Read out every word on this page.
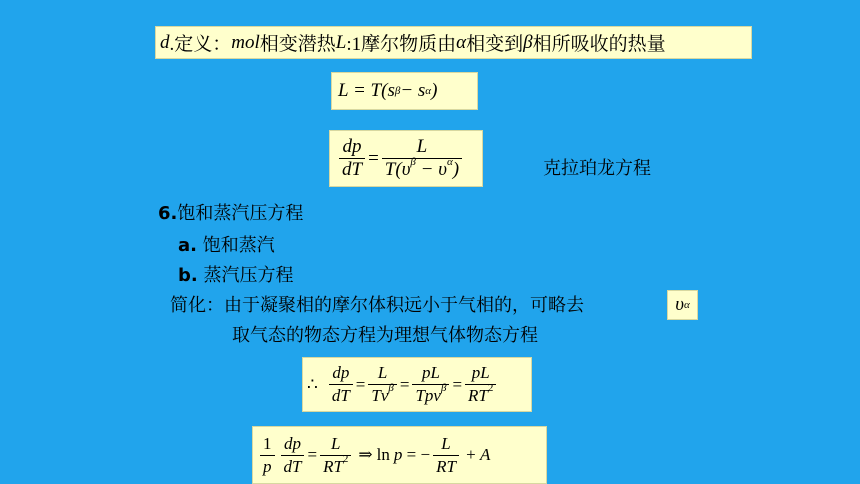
d .定义： mol 相变潜热 L :1摩尔物质由 α 相变到 β 相所吸收的热量
L = T(s β − s α )
$\frac{dp}{dT} = \frac{L}{T(\upsilon^\beta - \upsilon^\alpha)}$	克拉珀龙方程
6.饱和蒸汽压方程
a. 饱和蒸汽
b. 蒸汽压方程
简化：由于凝聚相的摩尔体积远小于气相的，可略去	υ α
取气态的物态方程为理想气体物态方程
∴ $\frac{dp}{dT} = \frac{L}{Tv^\beta} = \frac{pL}{Tpv^\beta} = \frac{pL}{RT^2}$
$\frac{1}{p} \frac{dp}{dT} = \frac{L}{RT^2}$ ⇒ ln p = − $\frac{L}{RT} + A$
